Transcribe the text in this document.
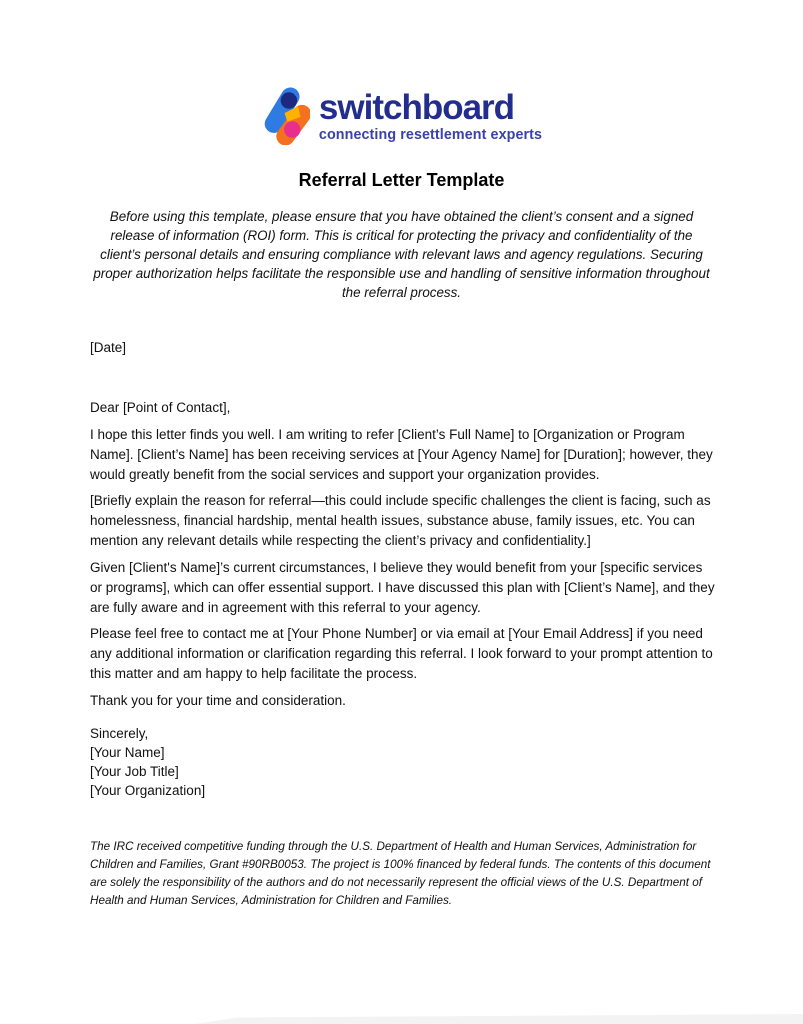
switchboard
connecting resettlement experts
Referral Letter Template
Before using this template, please ensure that you have obtained the client’s consent and a signed release of information (ROI) form. This is critical for protecting the privacy and confidentiality of the client’s personal details and ensuring compliance with relevant laws and agency regulations. Securing proper authorization helps facilitate the responsible use and handling of sensitive information throughout the referral process.
[Date]
Dear [Point of Contact],

I hope this letter finds you well. I am writing to refer [Client’s Full Name] to [Organization or Program Name]. [Client’s Name] has been receiving services at [Your Agency Name] for [Duration]; however, they would greatly benefit from the social services and support your organization provides.

[Briefly explain the reason for referral—this could include specific challenges the client is facing, such as homelessness, financial hardship, mental health issues, substance abuse, family issues, etc. You can mention any relevant details while respecting the client’s privacy and confidentiality.]

Given [Client's Name]’s current circumstances, I believe they would benefit from your [specific services or programs], which can offer essential support. I have discussed this plan with [Client’s Name], and they are fully aware and in agreement with this referral to your agency.

Please feel free to contact me at [Your Phone Number] or via email at [Your Email Address] if you need any additional information or clarification regarding this referral. I look forward to your prompt attention to this matter and am happy to help facilitate the process.

Thank you for your time and consideration.

Sincerely,
[Your Name]
[Your Job Title]
[Your Organization]
The IRC received competitive funding through the U.S. Department of Health and Human Services, Administration for Children and Families, Grant #90RB0053. The project is 100% financed by federal funds. The contents of this document are solely the responsibility of the authors and do not necessarily represent the official views of the U.S. Department of Health and Human Services, Administration for Children and Families.
